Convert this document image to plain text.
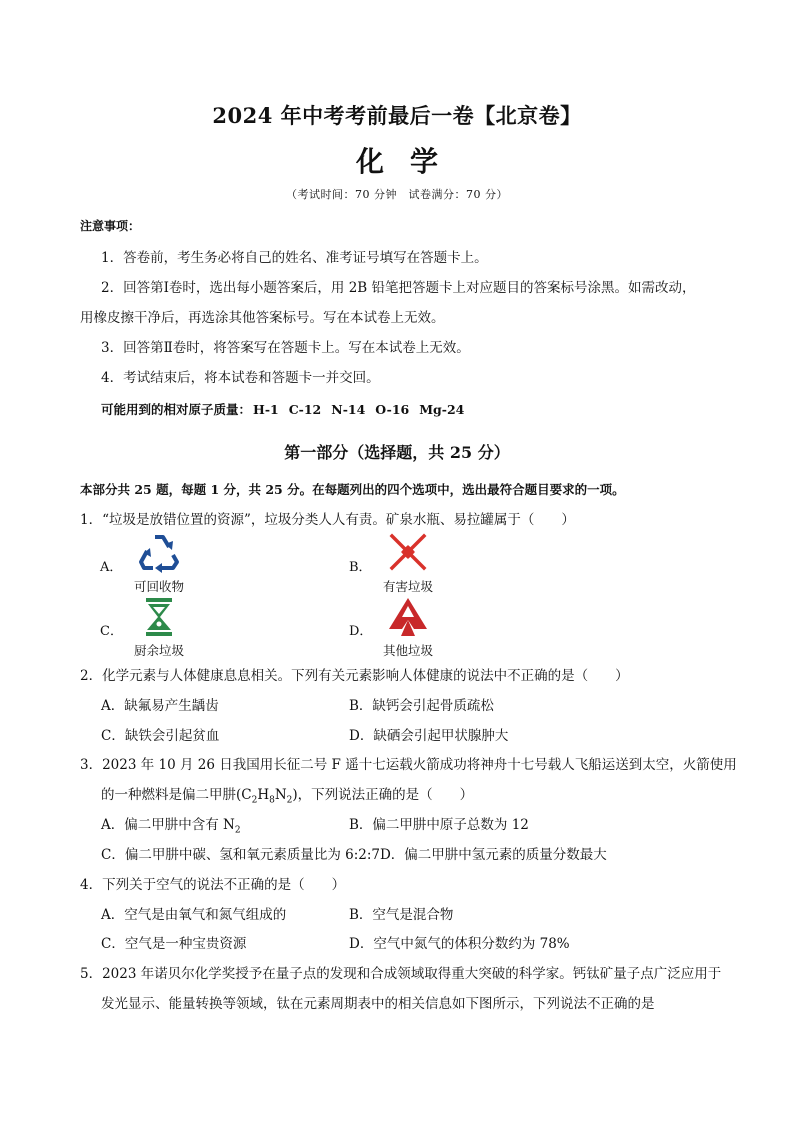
2024 年中考考前最后一卷【北京卷】
化学
（考试时间：70 分钟　试卷满分：70 分）
注意事项：
1．答卷前，考生务必将自己的姓名、准考证号填写在答题卡上。
2．回答第Ⅰ卷时，选出每小题答案后，用 2B 铅笔把答题卡上对应题目的答案标号涂黑。如需改动，
用橡皮擦干净后，再选涂其他答案标号。写在本试卷上无效。
3．回答第Ⅱ卷时，将答案写在答题卡上。写在本试卷上无效。
4．考试结束后，将本试卷和答题卡一并交回。
可能用到的相对原子质量： H-1 C-12 N-14 O-16 Mg-24
第一部分（选择题，共 25 分）
本部分共 25 题，每题 1 分，共 25 分。在每题列出的四个选项中，选出最符合题目要求的一项。
1．“垃圾是放错位置的资源”，垃圾分类人人有责。矿泉水瓶、易拉罐属于（　　）
A．
可回收物
B．
有害垃圾
C．
厨余垃圾
D．
其他垃圾
2．化学元素与人体健康息息相关。下列有关元素影响人体健康的说法中不正确的是（　　）
A．缺氟易产生龋齿	B．缺钙会引起骨质疏松
C．缺铁会引起贫血	D．缺硒会引起甲状腺肿大
3．2023 年 10 月 26 日我国用长征二号 F 遥十七运载火箭成功将神舟十七号载人飞船运送到太空，火箭使用
的一种燃料是偏二甲肼$(C_2H_8N_2)$，下列说法正确的是（　　）
A．偏二甲肼中含有 $N_2$	B．偏二甲肼中原子总数为 12
C．偏二甲肼中碳、氢和氧元素质量比为 6:2:7D．偏二甲肼中氢元素的质量分数最大
4．下列关于空气的说法不正确的是（　　）
A．空气是由氧气和氮气组成的	B．空气是混合物
C．空气是一种宝贵资源	D．空气中氮气的体积分数约为 78%
5．2023 年诺贝尔化学奖授予在量子点的发现和合成领域取得重大突破的科学家。钙钛矿量子点广泛应用于
发光显示、能量转换等领域，钛在元素周期表中的相关信息如下图所示，下列说法不正确的是
